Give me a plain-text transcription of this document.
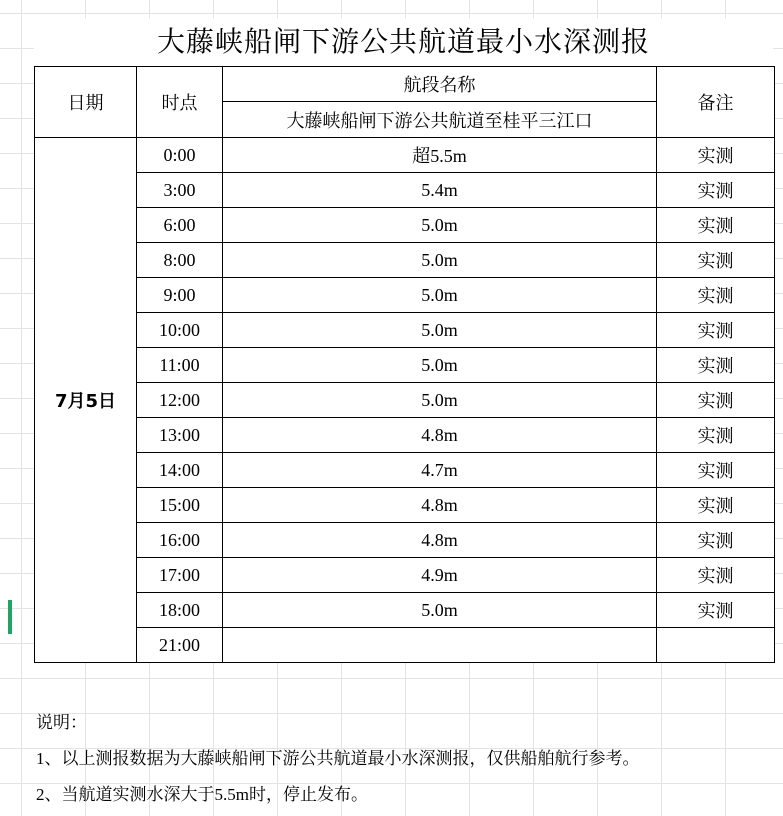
大藤峡船闸下游公共航道最小水深测报
日期	时点	航段名称	备注
		大藤峡船闸下游公共航道至桂平三江口	
7月5日	0:00	超5.5m	实测
	3:00	5.4m	实测
	6:00	5.0m	实测
	8:00	5.0m	实测
	9:00	5.0m	实测
	10:00	5.0m	实测
	11:00	5.0m	实测
	12:00	5.0m	实测
	13:00	4.8m	实测
	14:00	4.7m	实测
	15:00	4.8m	实测
	16:00	4.8m	实测
	17:00	4.9m	实测
	18:00	5.0m	实测
	21:00		
说明：
1、以上测报数据为大藤峡船闸下游公共航道最小水深测报，仅供船舶航行参考。
2、当航道实测水深大于5.5m时，停止发布。
